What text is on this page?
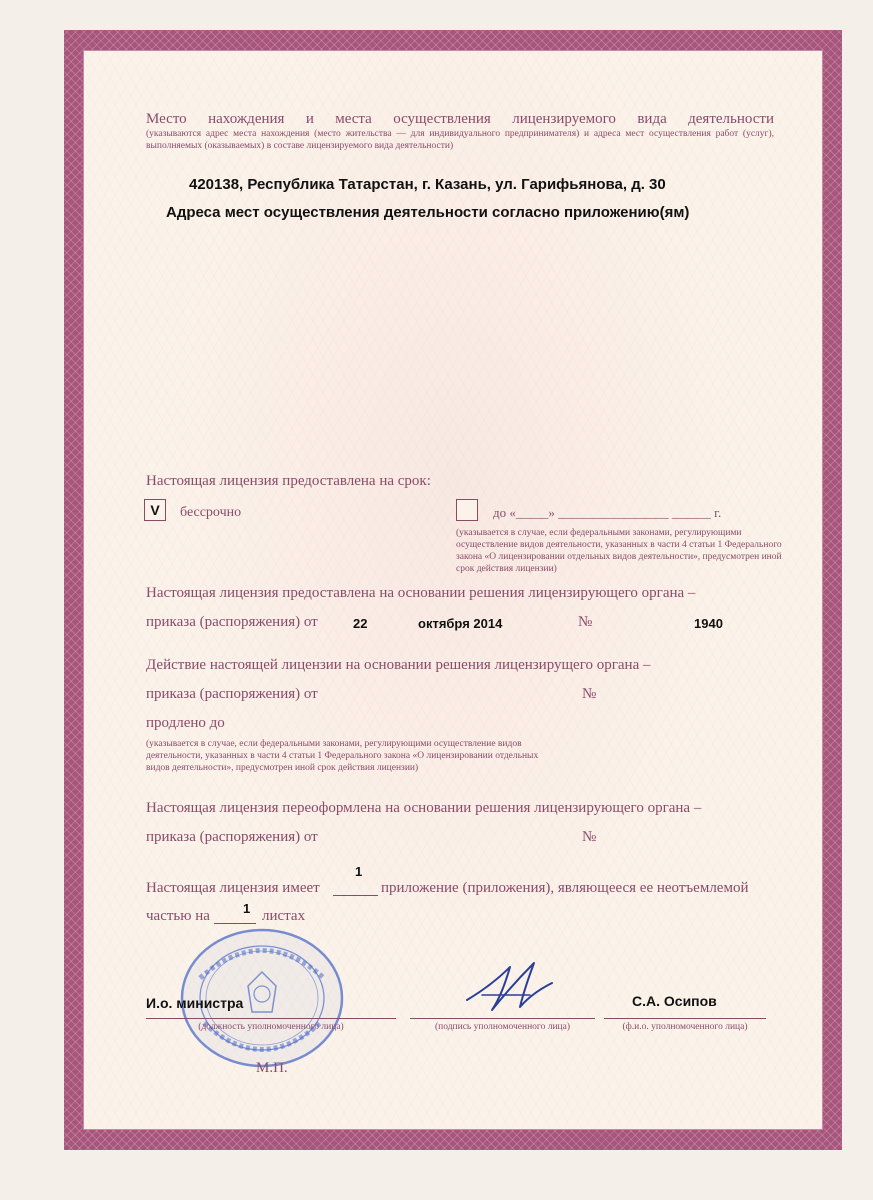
Место нахождения и места осуществления лицензируемого вида деятельности
(указываются адрес места нахождения (место жительства — для индивидуального предпринимателя) и адреса мест осуществления работ (услуг), выполняемых (оказываемых) в составе лицензируемого вида деятельности)
420138, Республика Татарстан, г. Казань, ул. Гарифьянова, д. 30
Адреса мест осуществления деятельности согласно приложению(ям)
Настоящая лицензия предоставлена на срок:
V	бессрочно	до «_____» _________________ ______ г.
(указывается в случае, если федеральными законами, регулирующими осуществление видов деятельности, указанных в части 4 статьи 1 Федерального закона «О лицензировании отдельных видов деятельности», предусмотрен иной срок действия лицензии)
Настоящая лицензия предоставлена на основании решения лицензирующего органа –
приказа (распоряжения) от	22	октября 2014	№	1940
Действие настоящей лицензии на основании решения лицензирущего органа –
приказа (распоряжения) от	№
продлено до
(указывается в случае, если федеральными законами, регулирующими осуществление видов деятельности, указанных в части 4 статьи 1 Федерального закона «О лицензировании отдельных видов деятельности», предусмотрен иной срок действия лицензии)
Настоящая лицензия переоформлена на основании решения лицензирующего органа –
приказа (распоряжения) от	№
1
Настоящая лицензия имеет	приложение (приложения), являющееся ее неотъемлемой
частью на	1 листах
И.о. министра
(должность уполномоченного лица)	(подпись уполномоченного лица)
С.А. Осипов
(ф.и.о. уполномоченного лица)
М.П.
